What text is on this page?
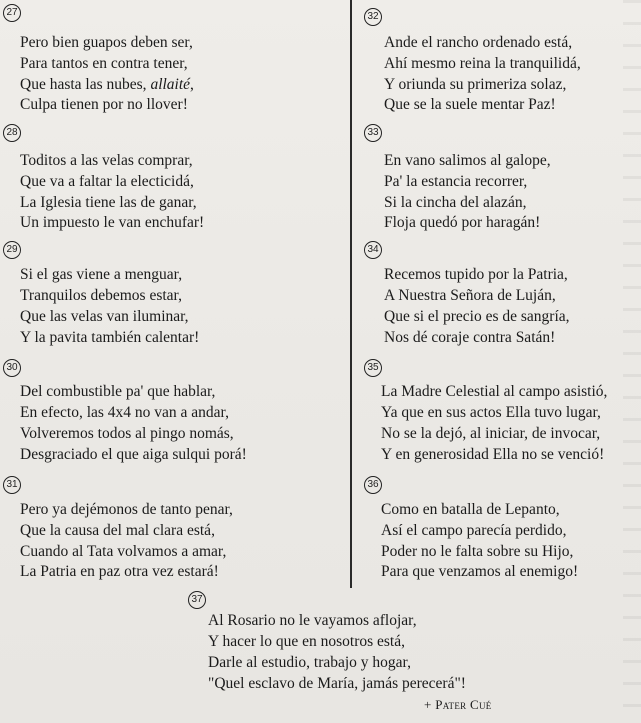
27
Pero bien guapos deben ser,
Para tantos en contra tener,
Que hasta las nubes, allaité,
Culpa tienen por no llover!
28
Toditos a las velas comprar,
Que va a faltar la electicidá,
La Iglesia tiene las de ganar,
Un impuesto le van enchufar!
29
Si el gas viene a menguar,
Tranquilos debemos estar,
Que las velas van iluminar,
Y la pavita también calentar!
30
Del combustible pa' que hablar,
En efecto, las 4x4 no van a andar,
Volveremos todos al pingo nomás,
Desgraciado el que aiga sulqui porá!
31
Pero ya dejémonos de tanto penar,
Que la causa del mal clara está,
Cuando al Tata volvamos a amar,
La Patria en paz otra vez estará!
32
Ande el rancho ordenado está,
Ahí mesmo reina la tranquilidá,
Y oriunda su primeriza solaz,
Que se la suele mentar Paz!
33
En vano salimos al galope,
Pa' la estancia recorrer,
Si la cincha del alazán,
Floja quedó por haragán!
34
Recemos tupido por la Patria,
A Nuestra Señora de Luján,
Que si el precio es de sangría,
Nos dé coraje contra Satán!
35
La Madre Celestial al campo asistió,
Ya que en sus actos Ella tuvo lugar,
No se la dejó, al iniciar, de invocar,
Y en generosidad Ella no se venció!
36
Como en batalla de Lepanto,
Así el campo parecía perdido,
Poder no le falta sobre su Hijo,
Para que venzamos al enemigo!
37
Al Rosario no le vayamos aflojar,
Y hacer lo que en nosotros está,
Darle al estudio, trabajo y hogar,
"Quel esclavo de María, jamás perecerá"!
+ Pater Cué
